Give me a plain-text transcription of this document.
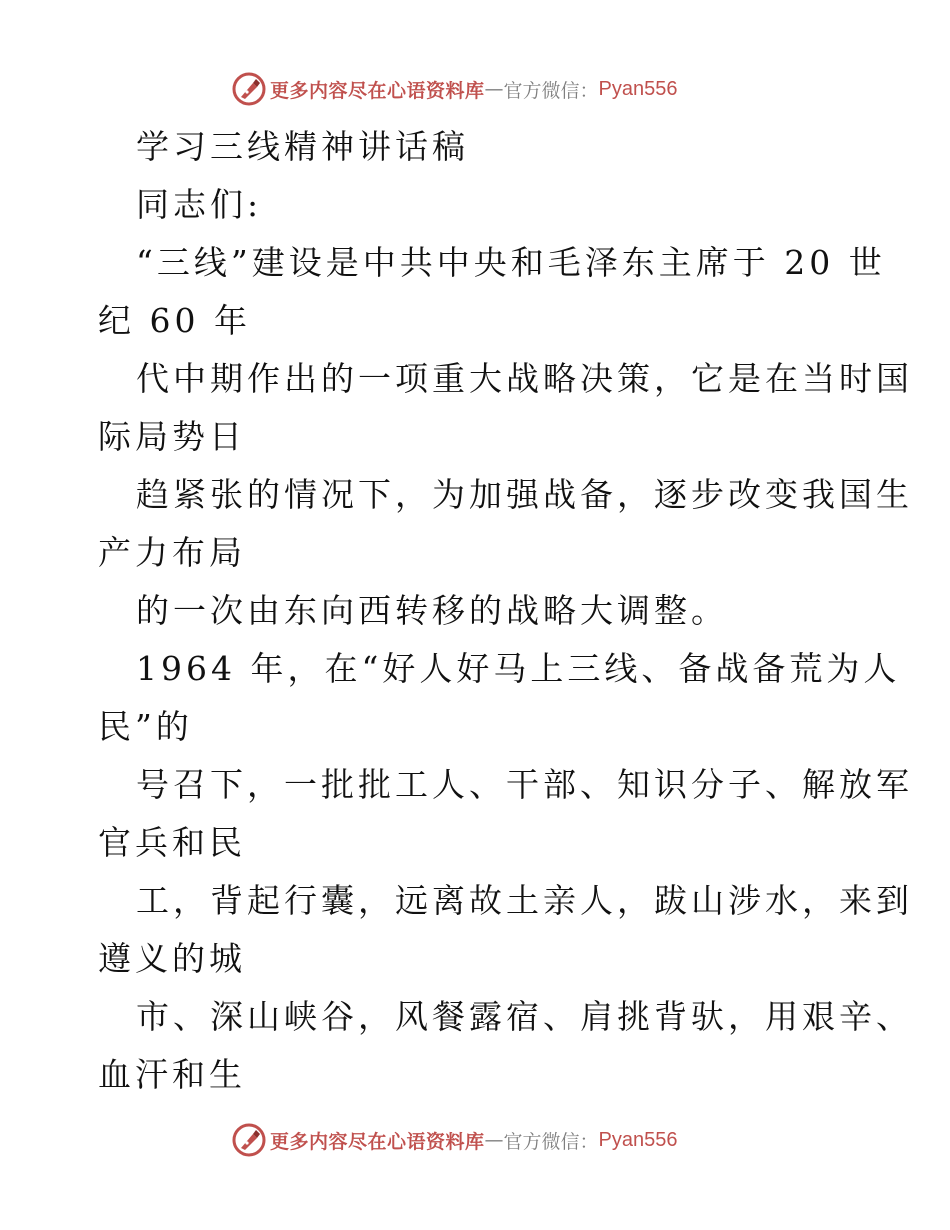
更多内容尽在心语资料库 — 官方微信： Pyan556
学习三线精神讲话稿
同志们:
“三线”建设是中共中央和毛泽东主席于 20 世
纪 60 年
代中期作出的一项重大战略决策，它是在当时国
际局势日
趋紧张的情况下，为加强战备，逐步改变我国生
产力布局
的一次由东向西转移的战略大调整。
1964 年，在“好人好马上三线、备战备荒为人
民”的
号召下，一批批工人、干部、知识分子、解放军
官兵和民
工，背起行囊，远离故土亲人，跋山涉水，来到
遵义的城
市、深山峡谷，风餐露宿、肩挑背驮，用艰辛、
血汗和生
更多内容尽在心语资料库 — 官方微信： Pyan556
